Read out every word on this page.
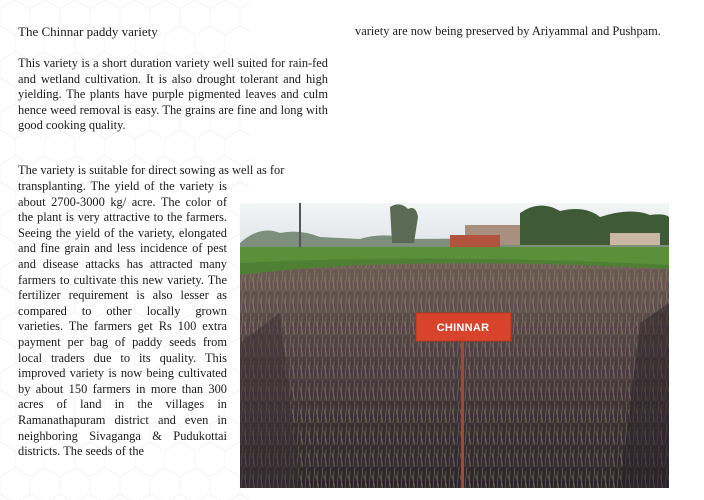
The Chinnar paddy variety

This variety is a short duration variety well suited for rain-fed and wetland cultivation. It is also drought tolerant and high yielding. The plants have purple pigmented leaves and culm hence weed removal is easy. The grains are fine and long with good cooking quality.

The variety is suitable for direct sowing as well as for

transplanting. The yield of the variety is about 2700-3000 kg/ acre. The color of the plant is very attractive to the farmers. Seeing the yield of the variety, elongated and fine grain and less incidence of pest and disease attacks has attracted many farmers to cultivate this new variety. The fertilizer requirement is also lesser as compared to other locally grown varieties. The farmers get Rs 100 extra payment per bag of paddy seeds from local traders due to its quality. This improved variety is now being cultivated by about 150 farmers in more than 300 acres of land in the villages in Ramanathapuram district and even in neighboring Sivaganga & Pudukottai districts. The seeds of the

variety are now being preserved by Ariyammal and Pushpam.

CHINNAR
